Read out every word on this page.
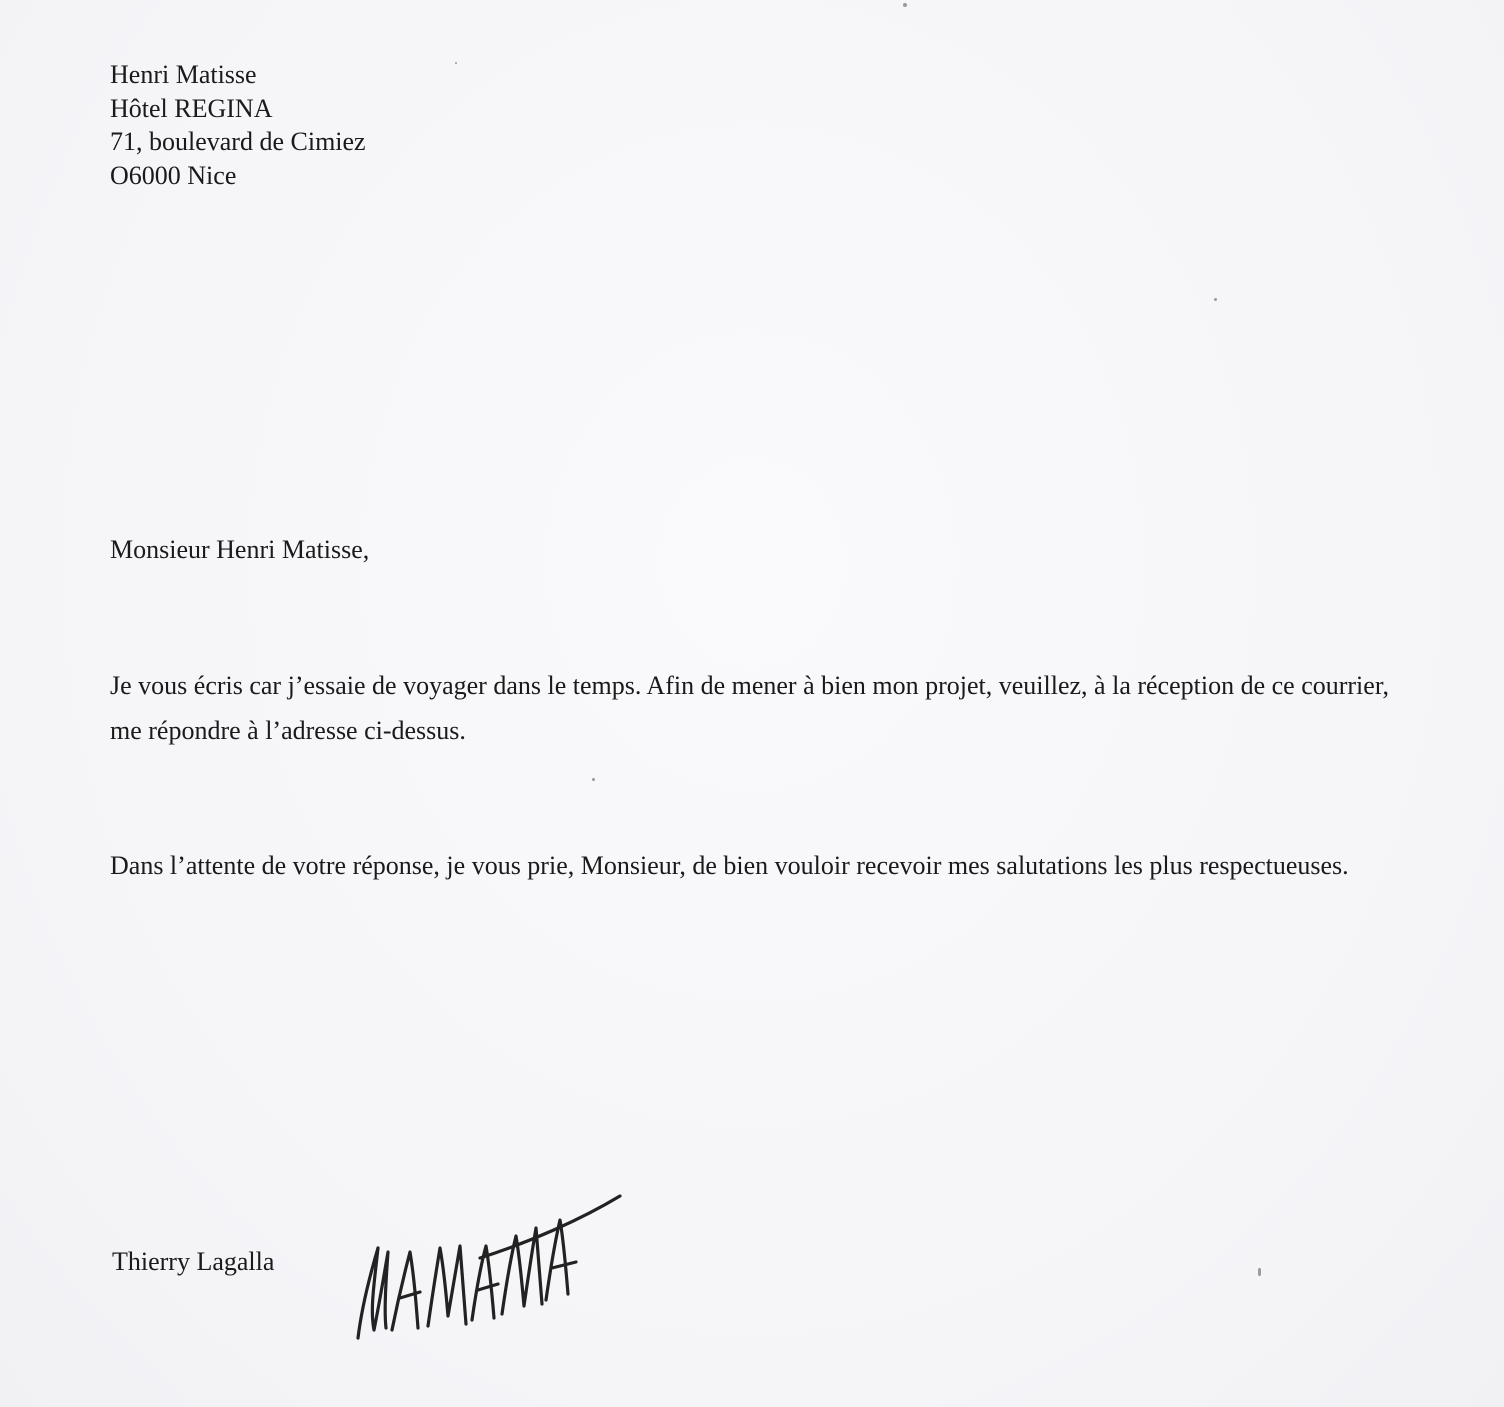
Henri Matisse
Hôtel REGINA
71, boulevard de Cimiez
O6000 Nice
Monsieur Henri Matisse,
Je vous écris car j’essaie de voyager dans le temps. Afin de mener à bien mon projet, veuillez, à la réception de ce courrier, me répondre à l’adresse ci-dessus.
Dans l’attente de votre réponse, je vous prie, Monsieur, de bien vouloir recevoir mes salutations les plus respectueuses.
Thierry Lagalla
